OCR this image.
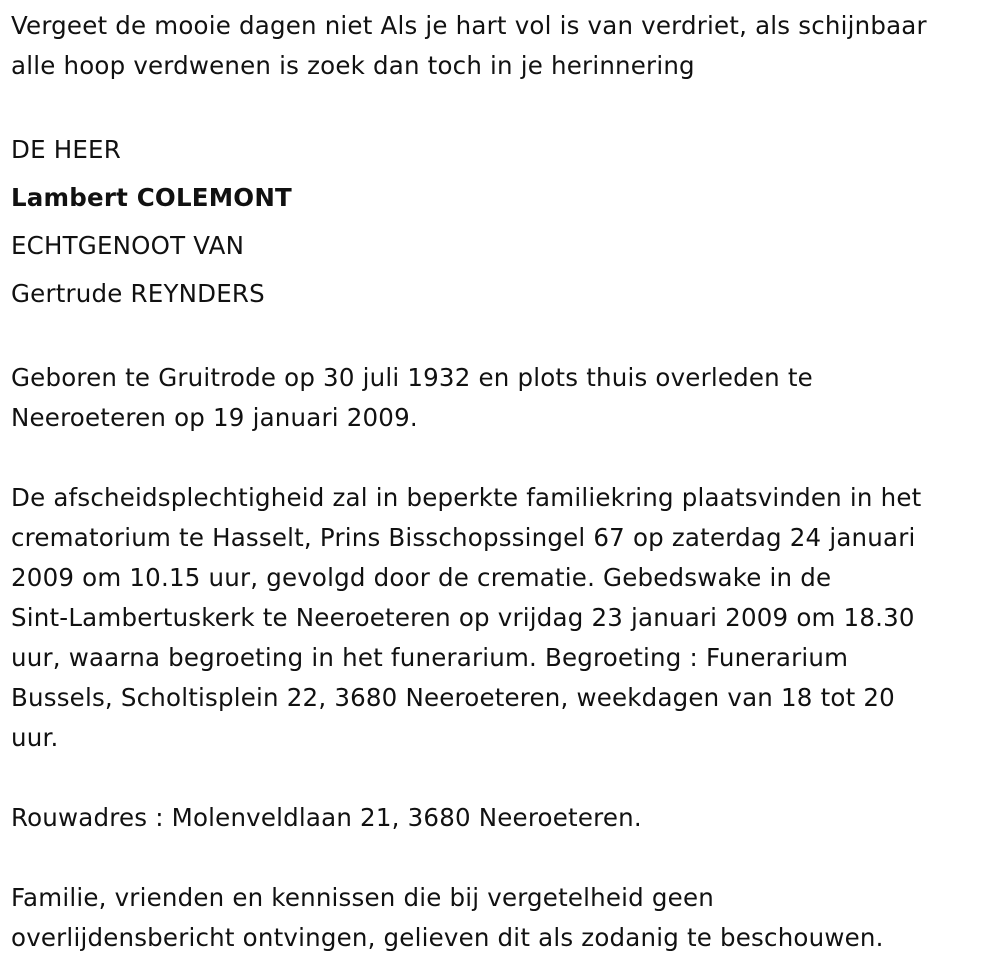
Vergeet de mooie dagen niet Als je hart vol is van verdriet, als schijnbaar
alle hoop verdwenen is zoek dan toch in je herinnering
DE HEER
Lambert COLEMONT
ECHTGENOOT VAN
Gertrude REYNDERS
Geboren te Gruitrode op 30 juli 1932 en plots thuis overleden te
Neeroeteren op 19 januari 2009.
De afscheidsplechtigheid zal in beperkte familiekring plaatsvinden in het
crematorium te Hasselt, Prins Bisschopssingel 67 op zaterdag 24 januari
2009 om 10.15 uur, gevolgd door de crematie. Gebedswake in de
Sint-Lambertuskerk te Neeroeteren op vrijdag 23 januari 2009 om 18.30
uur, waarna begroeting in het funerarium. Begroeting : Funerarium
Bussels, Scholtisplein 22, 3680 Neeroeteren, weekdagen van 18 tot 20
uur.
Rouwadres : Molenveldlaan 21, 3680 Neeroeteren.
Familie, vrienden en kennissen die bij vergetelheid geen
overlijdensbericht ontvingen, gelieven dit als zodanig te beschouwen.
